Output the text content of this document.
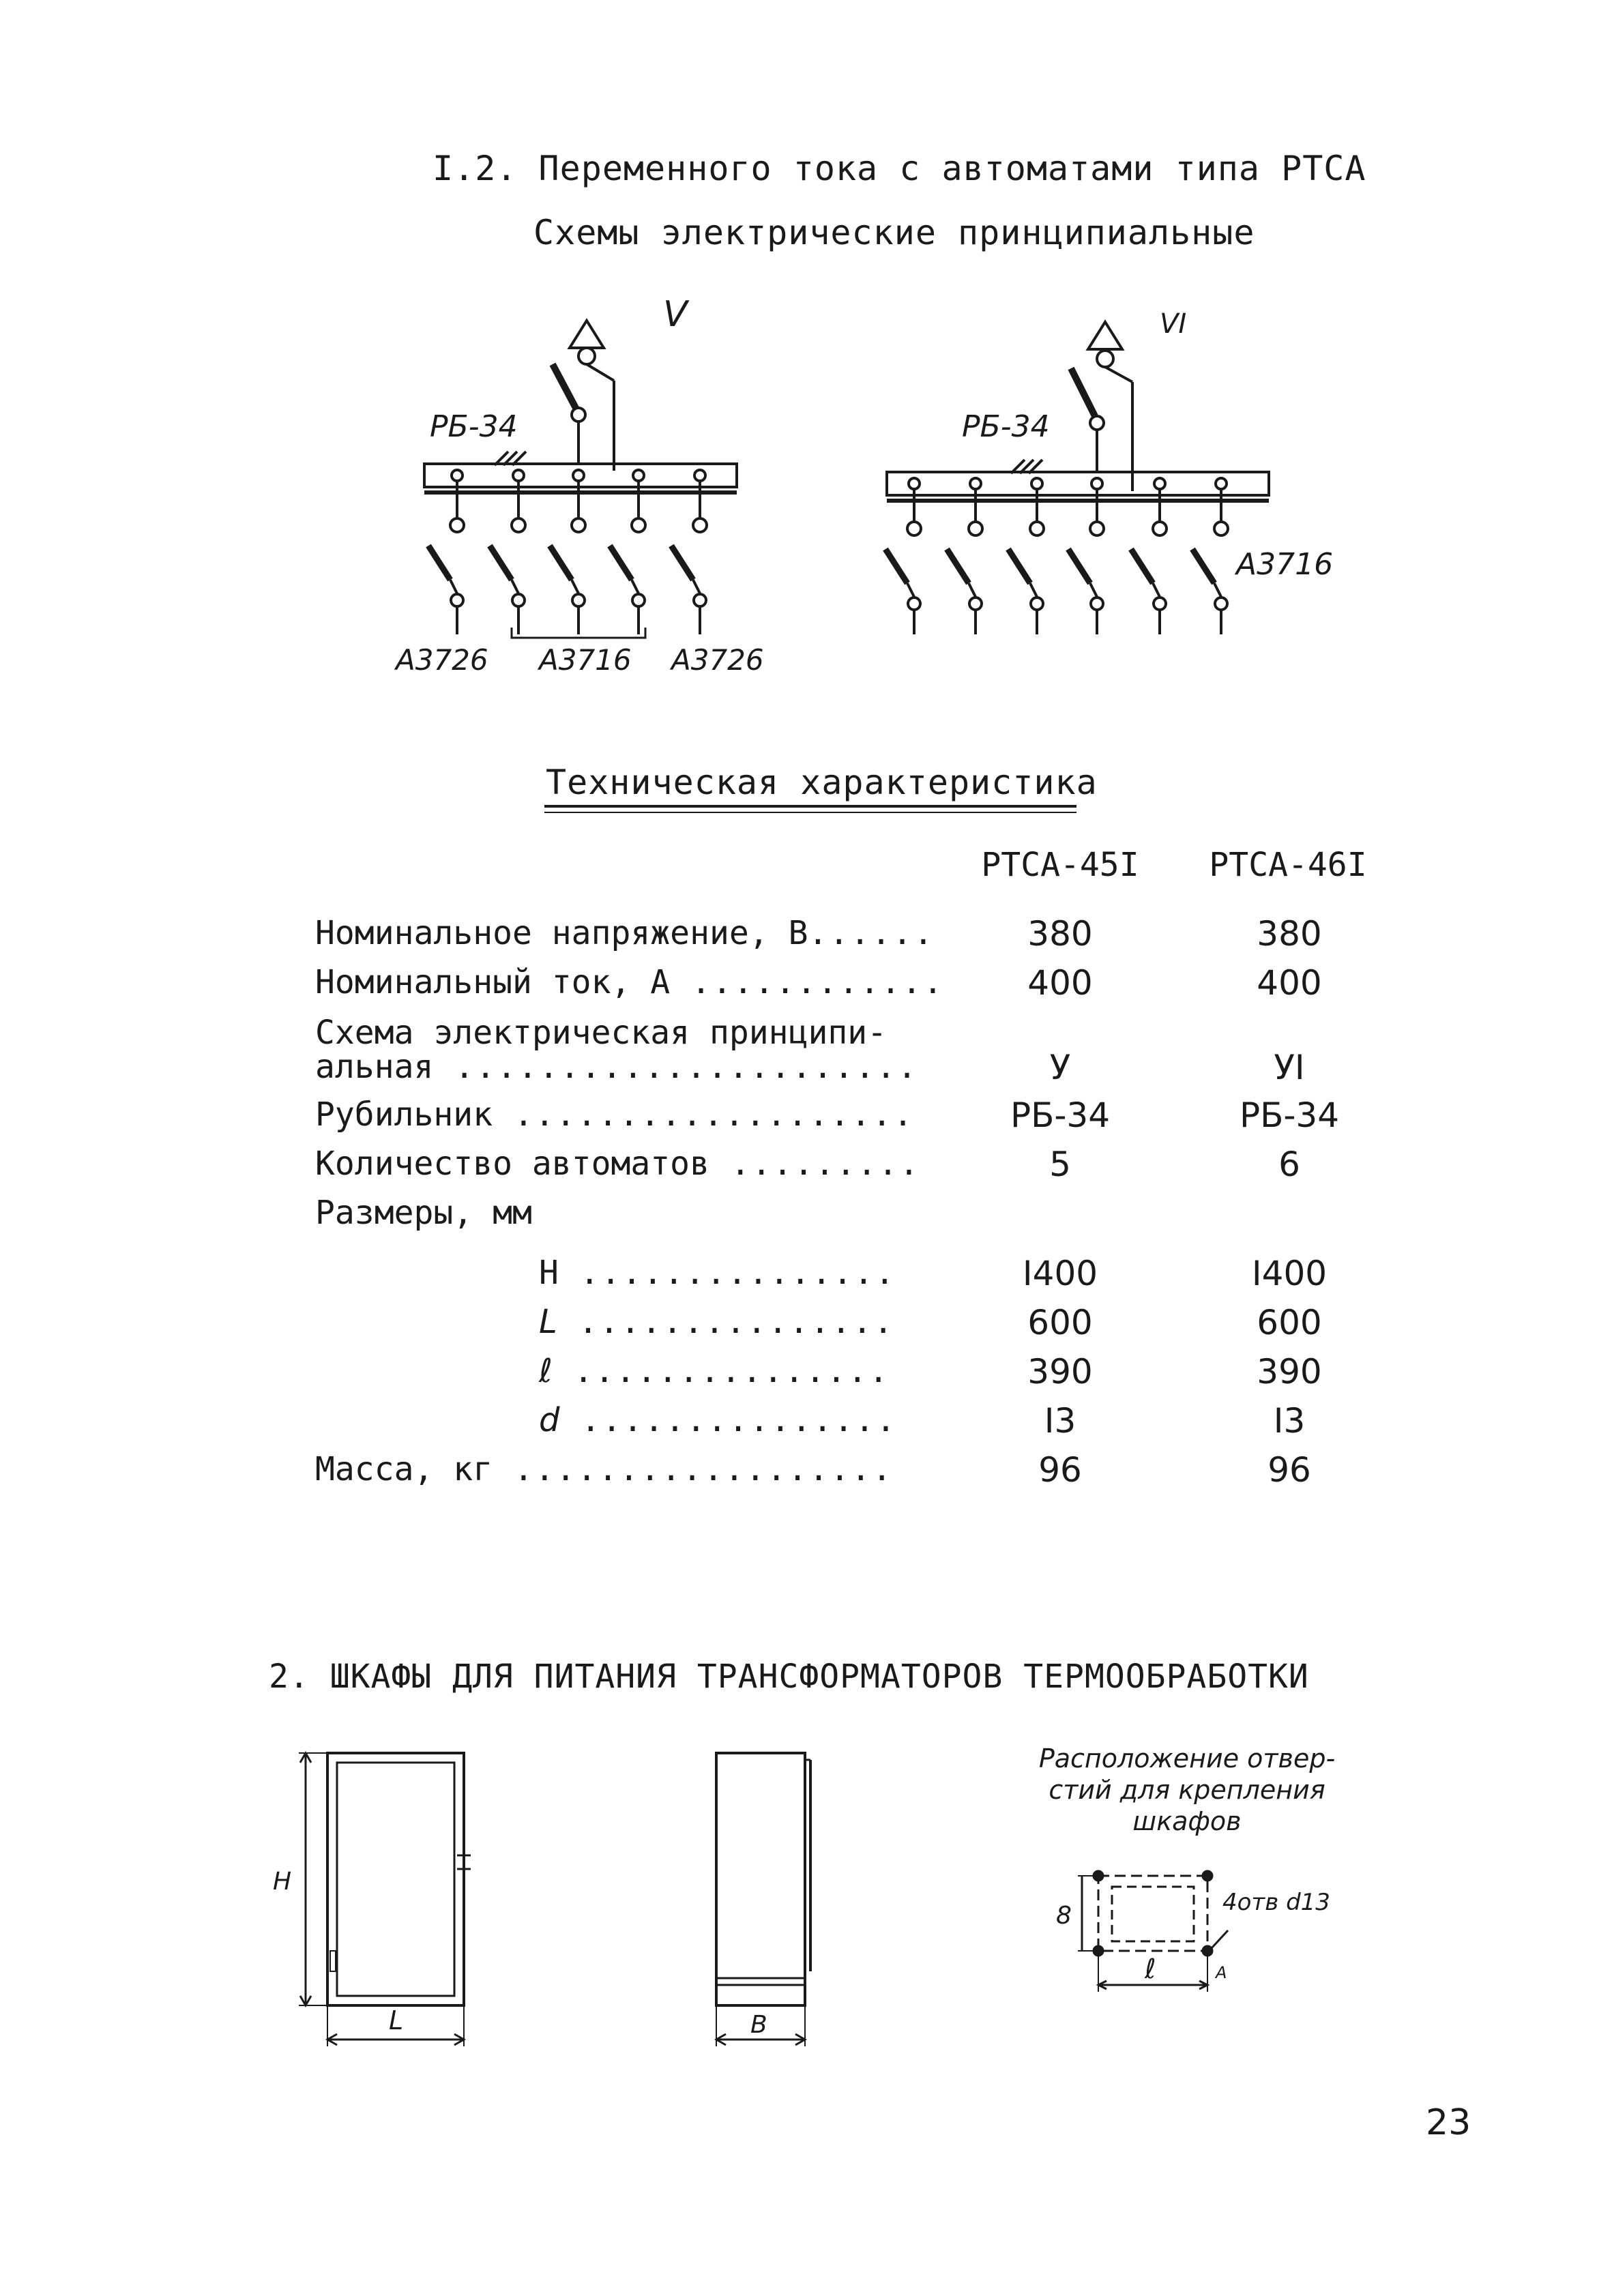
I.2. Переменного тока с автоматами типа РТСА
Схемы электрические принципиальные
V
РБ-34
А3726 А3716 А3726
VI
РБ-34
А3716
Техническая характеристика
РТСА-45I	РТСА-46I
Номинальное напряжение, В......	380	380
Номинальный ток, А ............	400	400
Схема электрическая принципи-
альная ......................	У	УI
Рубильник ...................	РБ-34	РБ-34
Количество автоматов .........	5	6
Размеры, мм
H ...............	I400	I400
L ...............	600	600
ℓ ...............	390	390
d ...............	I3	I3
Масса, кг ..................	96	96
2. ШКАФЫ ДЛЯ ПИТАНИЯ ТРАНСФОРМАТОРОВ ТЕРМООБРАБОТКИ
H
L	B
Расположение отвер-стий для крепления шкафов
8
ℓ
4отв d13
А
23
